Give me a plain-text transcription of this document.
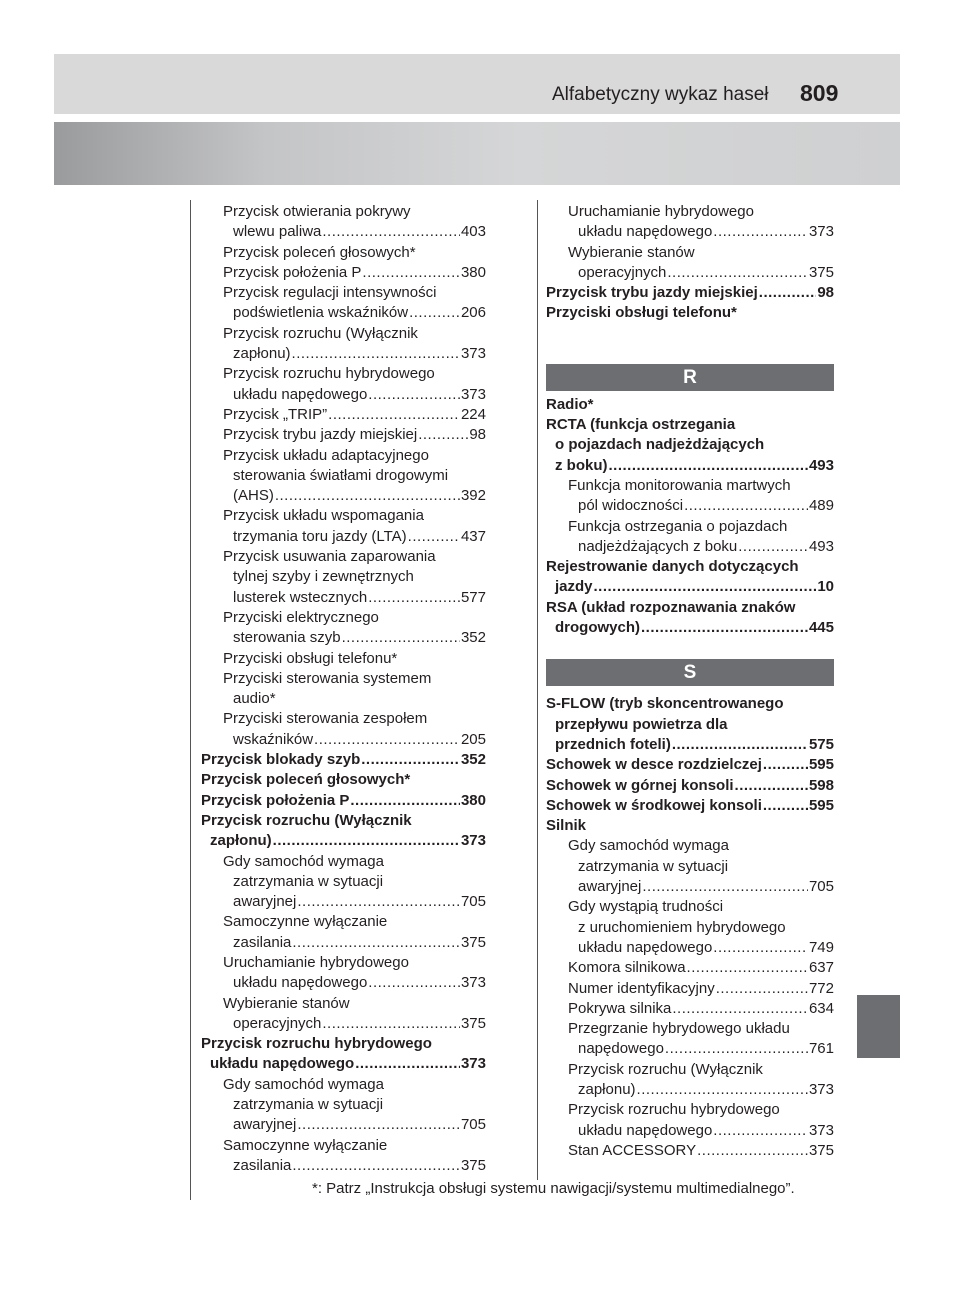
Alfabetyczny wykaz haseł 809
Przycisk otwierania pokrywy
wlewu paliwa .....	403
Przycisk poleceń głosowych*
Przycisk położenia P .....	380
Przycisk regulacji intensywności
podświetlenia wskaźników .....	206
Przycisk rozruchu (Wyłącznik
zapłonu) .....	373
Przycisk rozruchu hybrydowego
układu napędowego .....	373
Przycisk „TRIP” .....	224
Przycisk trybu jazdy miejskiej .....	98
Przycisk układu adaptacyjnego
sterowania światłami drogowymi
(AHS) .....	392
Przycisk układu wspomagania
trzymania toru jazdy (LTA) .....	437
Przycisk usuwania zaparowania
tylnej szyby i zewnętrznych
lusterek wstecznych .....	577
Przyciski elektrycznego
sterowania szyb .....	352
Przyciski obsługi telefonu*
Przyciski sterowania systemem
audio*
Przyciski sterowania zespołem
wskaźników .....	205
Przycisk blokady szyb .....	352
Przycisk poleceń głosowych*
Przycisk położenia P .....	380
Przycisk rozruchu (Wyłącznik
zapłonu) .....	373
Gdy samochód wymaga
zatrzymania w sytuacji
awaryjnej .....	705
Samoczynne wyłączanie
zasilania .....	375
Uruchamianie hybrydowego
układu napędowego .....	373
Wybieranie stanów
operacyjnych .....	375
Przycisk rozruchu hybrydowego
układu napędowego .....	373
Gdy samochód wymaga
zatrzymania w sytuacji
awaryjnej .....	705
Samoczynne wyłączanie
zasilania .....	375
Uruchamianie hybrydowego
układu napędowego .....	373
Wybieranie stanów
operacyjnych .....	375
Przycisk trybu jazdy miejskiej .....	98
Przyciski obsługi telefonu*
R
Radio*
RCTA (funkcja ostrzegania
o pojazdach nadjeżdżających
z boku) .....	493
Funkcja monitorowania martwych
pól widoczności .....	489
Funkcja ostrzegania o pojazdach
nadjeżdżających z boku .....	493
Rejestrowanie danych dotyczących
jazdy .....	10
RSA (układ rozpoznawania znaków
drogowych) .....	445
S
S-FLOW (tryb skoncentrowanego
przepływu powietrza dla
przednich foteli) .....	575
Schowek w desce rozdzielczej .....	595
Schowek w górnej konsoli .....	598
Schowek w środkowej konsoli .....	595
Silnik
Gdy samochód wymaga
zatrzymania w sytuacji
awaryjnej .....	705
Gdy wystąpią trudności
z uruchomieniem hybrydowego
układu napędowego .....	749
Komora silnikowa .....	637
Numer identyfikacyjny .....	772
Pokrywa silnika .....	634
Przegrzanie hybrydowego układu
napędowego .....	761
Przycisk rozruchu (Wyłącznik
zapłonu) .....	373
Przycisk rozruchu hybrydowego
układu napędowego .....	373
Stan ACCESSORY .....	375
*: Patrz „Instrukcja obsługi systemu nawigacji/systemu multimedialnego”.
